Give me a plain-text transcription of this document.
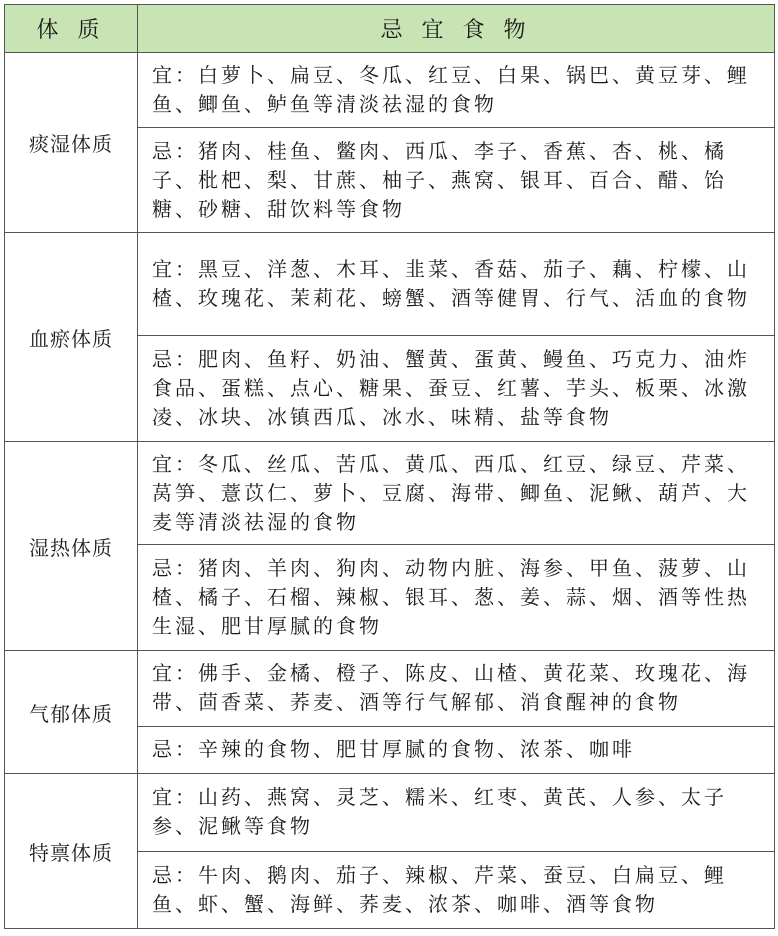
体 质	忌 宜 食 物
痰湿体质	宜：白萝卜、扁豆、冬瓜、红豆、白果、锅巴、黄豆芽、鲤鱼、鲫鱼、鲈鱼等清淡祛湿的食物
	忌：猪肉、桂鱼、鳖肉、西瓜、李子、香蕉、杏、桃、橘子、枇杷、梨、甘蔗、柚子、燕窝、银耳、百合、醋、饴糖、砂糖、甜饮料等食物
血瘀体质	宜：黑豆、洋葱、木耳、韭菜、香菇、茄子、藕、柠檬、山楂、玫瑰花、茉莉花、螃蟹、酒等健胃、行气、活血的食物
	忌：肥肉、鱼籽、奶油、蟹黄、蛋黄、鳗鱼、巧克力、油炸食品、蛋糕、点心、糖果、蚕豆、红薯、芋头、板栗、冰激凌、冰块、冰镇西瓜、冰水、味精、盐等食物
湿热体质	宜：冬瓜、丝瓜、苦瓜、黄瓜、西瓜、红豆、绿豆、芹菜、莴笋、薏苡仁、萝卜、豆腐、海带、鲫鱼、泥鳅、葫芦、大麦等清淡祛湿的食物
	忌：猪肉、羊肉、狗肉、动物内脏、海参、甲鱼、菠萝、山楂、橘子、石榴、辣椒、银耳、葱、姜、蒜、烟、酒等性热生湿、肥甘厚腻的食物
气郁体质	宜：佛手、金橘、橙子、陈皮、山楂、黄花菜、玫瑰花、海带、茴香菜、荞麦、酒等行气解郁、消食醒神的食物
	忌：辛辣的食物、肥甘厚腻的食物、浓茶、咖啡
特禀体质	宜：山药、燕窝、灵芝、糯米、红枣、黄芪、人参、太子参、泥鳅等食物
	忌：牛肉、鹅肉、茄子、辣椒、芹菜、蚕豆、白扁豆、鲤鱼、虾、蟹、海鲜、荞麦、浓茶、咖啡、酒等食物
